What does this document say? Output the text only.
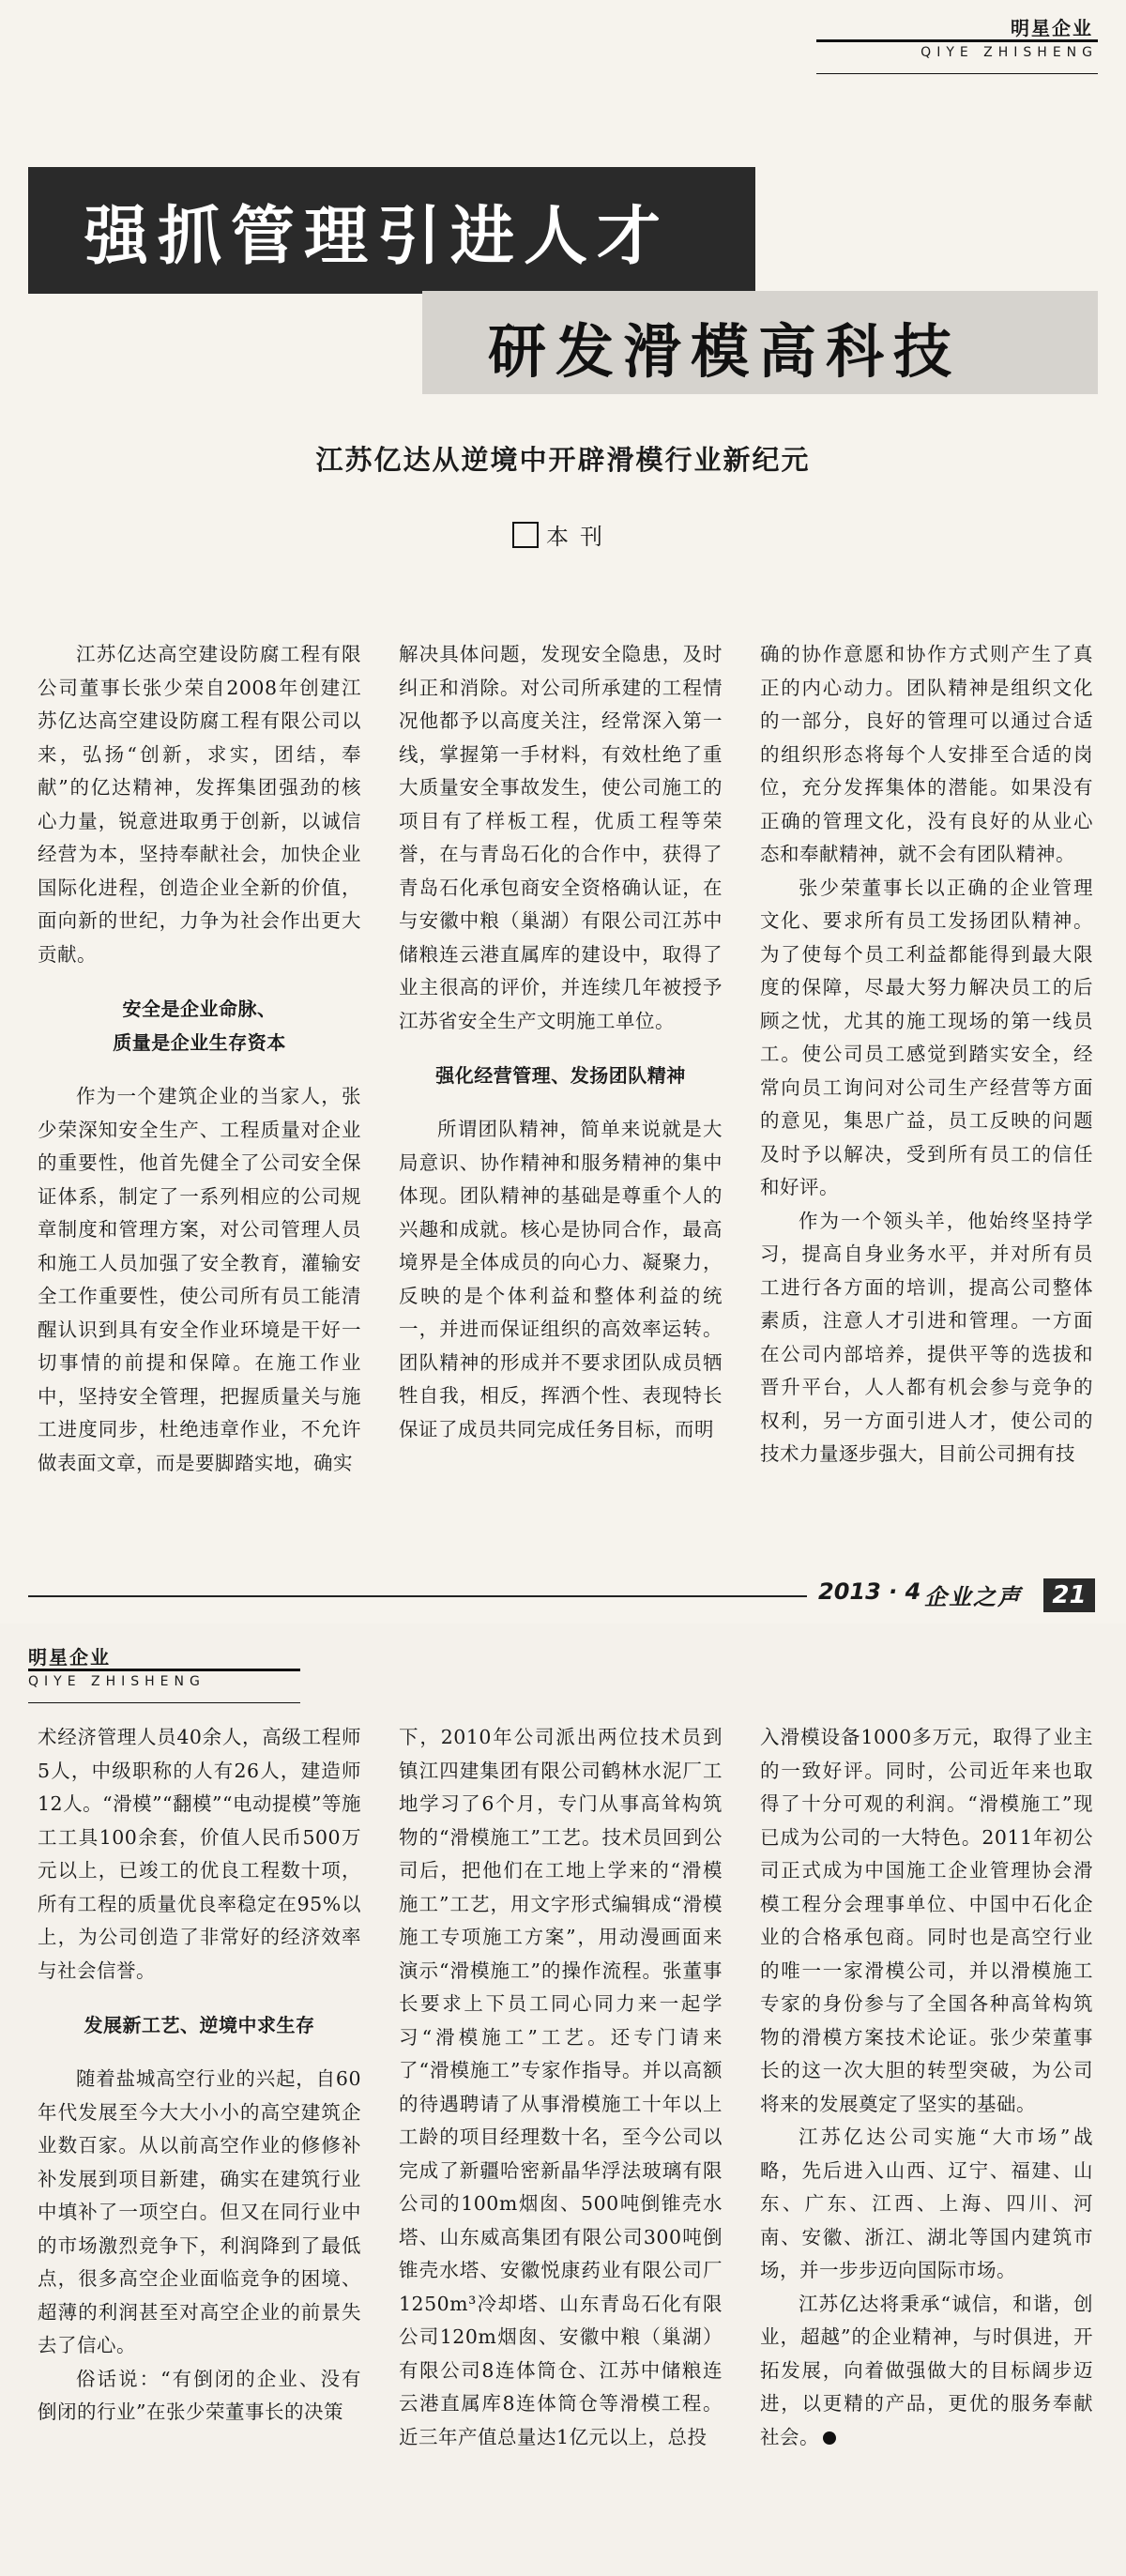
明星企业
QIYE ZHISHENG
强抓管理引进人才
研发滑模高科技
江苏亿达从逆境中开辟滑模行业新纪元
本刊

江苏亿达高空建设防腐工程有限公司董事长张少荣自2008年创建江苏亿达高空建设防腐工程有限公司以来，弘扬“创新，求实，团结，奉献”的亿达精神，发挥集团强劲的核心力量，锐意进取勇于创新，以诚信经营为本，坚持奉献社会，加快企业国际化进程，创造企业全新的价值，面向新的世纪，力争为社会作出更大贡献。

安全是企业命脉、
质量是企业生存资本

作为一个建筑企业的当家人，张少荣深知安全生产、工程质量对企业的重要性，他首先健全了公司安全保证体系，制定了一系列相应的公司规章制度和管理方案，对公司管理人员和施工人员加强了安全教育，灌输安全工作重要性，使公司所有员工能清醒认识到具有安全作业环境是干好一切事情的前提和保障。在施工作业中，坚持安全管理，把握质量关与施工进度同步，杜绝违章作业，不允许做表面文章，而是要脚踏实地，确实

解决具体问题，发现安全隐患，及时纠正和消除。对公司所承建的工程情况他都予以高度关注，经常深入第一线，掌握第一手材料，有效杜绝了重大质量安全事故发生，使公司施工的项目有了样板工程，优质工程等荣誉，在与青岛石化的合作中，获得了青岛石化承包商安全资格确认证，在与安徽中粮（巢湖）有限公司江苏中储粮连云港直属库的建设中，取得了业主很高的评价，并连续几年被授予江苏省安全生产文明施工单位。

强化经营管理、发扬团队精神

所谓团队精神，简单来说就是大局意识、协作精神和服务精神的集中体现。团队精神的基础是尊重个人的兴趣和成就。核心是协同合作，最高境界是全体成员的向心力、凝聚力，反映的是个体利益和整体利益的统一，并进而保证组织的高效率运转。团队精神的形成并不要求团队成员牺牲自我，相反，挥洒个性、表现特长保证了成员共同完成任务目标，而明

确的协作意愿和协作方式则产生了真正的内心动力。团队精神是组织文化的一部分，良好的管理可以通过合适的组织形态将每个人安排至合适的岗位，充分发挥集体的潜能。如果没有正确的管理文化，没有良好的从业心态和奉献精神，就不会有团队精神。

张少荣董事长以正确的企业管理文化、要求所有员工发扬团队精神。为了使每个员工利益都能得到最大限度的保障，尽最大努力解决员工的后顾之忧，尤其的施工现场的第一线员工。使公司员工感觉到踏实安全，经常向员工询问对公司生产经营等方面的意见，集思广益，员工反映的问题及时予以解决，受到所有员工的信任和好评。

作为一个领头羊，他始终坚持学习，提高自身业务水平，并对所有员工进行各方面的培训，提高公司整体素质，注意人才引进和管理。一方面在公司内部培养，提供平等的选拔和晋升平台，人人都有机会参与竞争的权利，另一方面引进人才，使公司的技术力量逐步强大，目前公司拥有技

2013 · 4 企业之声	21
明星企业
QIYE ZHISHENG

术经济管理人员40余人，高级工程师5人，中级职称的人有26人，建造师12人。“滑模”“翻模”“电动提模”等施工工具100余套，价值人民币500万元以上，已竣工的优良工程数十项，所有工程的质量优良率稳定在95%以上，为公司创造了非常好的经济效率与社会信誉。

发展新工艺、逆境中求生存

随着盐城高空行业的兴起，自60年代发展至今大大小小的高空建筑企业数百家。从以前高空作业的修修补补发展到项目新建，确实在建筑行业中填补了一项空白。但又在同行业中的市场激烈竞争下，利润降到了最低点，很多高空企业面临竞争的困境、超薄的利润甚至对高空企业的前景失去了信心。

俗话说：“有倒闭的企业、没有倒闭的行业”在张少荣董事长的决策

下，2010年公司派出两位技术员到镇江四建集团有限公司鹤林水泥厂工地学习了6个月，专门从事高耸构筑物的“滑模施工”工艺。技术员回到公司后，把他们在工地上学来的“滑模施工”工艺，用文字形式编辑成“滑模施工专项施工方案”，用动漫画面来演示“滑模施工”的操作流程。张董事长要求上下员工同心同力来一起学习“滑模施工”工艺。还专门请来了“滑模施工”专家作指导。并以高额的待遇聘请了从事滑模施工十年以上工龄的项目经理数十名，至今公司以完成了新疆哈密新晶华浮法玻璃有限公司的100m烟囱、500吨倒锥壳水塔、山东威高集团有限公司300吨倒锥壳水塔、安徽悦康药业有限公司厂1250m³冷却塔、山东青岛石化有限公司120m烟囱、安徽中粮（巢湖）有限公司8连体筒仓、江苏中储粮连云港直属库8连体筒仓等滑模工程。近三年产值总量达1亿元以上，总投

入滑模设备1000多万元，取得了业主的一致好评。同时，公司近年来也取得了十分可观的利润。“滑模施工”现已成为公司的一大特色。2011年初公司正式成为中国施工企业管理协会滑模工程分会理事单位、中国中石化企业的合格承包商。同时也是高空行业的唯一一家滑模公司，并以滑模施工专家的身份参与了全国各种高耸构筑物的滑模方案技术论证。张少荣董事长的这一次大胆的转型突破，为公司将来的发展奠定了坚实的基础。

江苏亿达公司实施“大市场”战略，先后进入山西、辽宁、福建、山东、广东、江西、上海、四川、河南、安徽、浙江、湖北等国内建筑市场，并一步步迈向国际市场。

江苏亿达将秉承“诚信，和谐，创业，超越”的企业精神，与时俱进，开拓发展，向着做强做大的目标阔步迈进，以更精的产品，更优的服务奉献社会。
